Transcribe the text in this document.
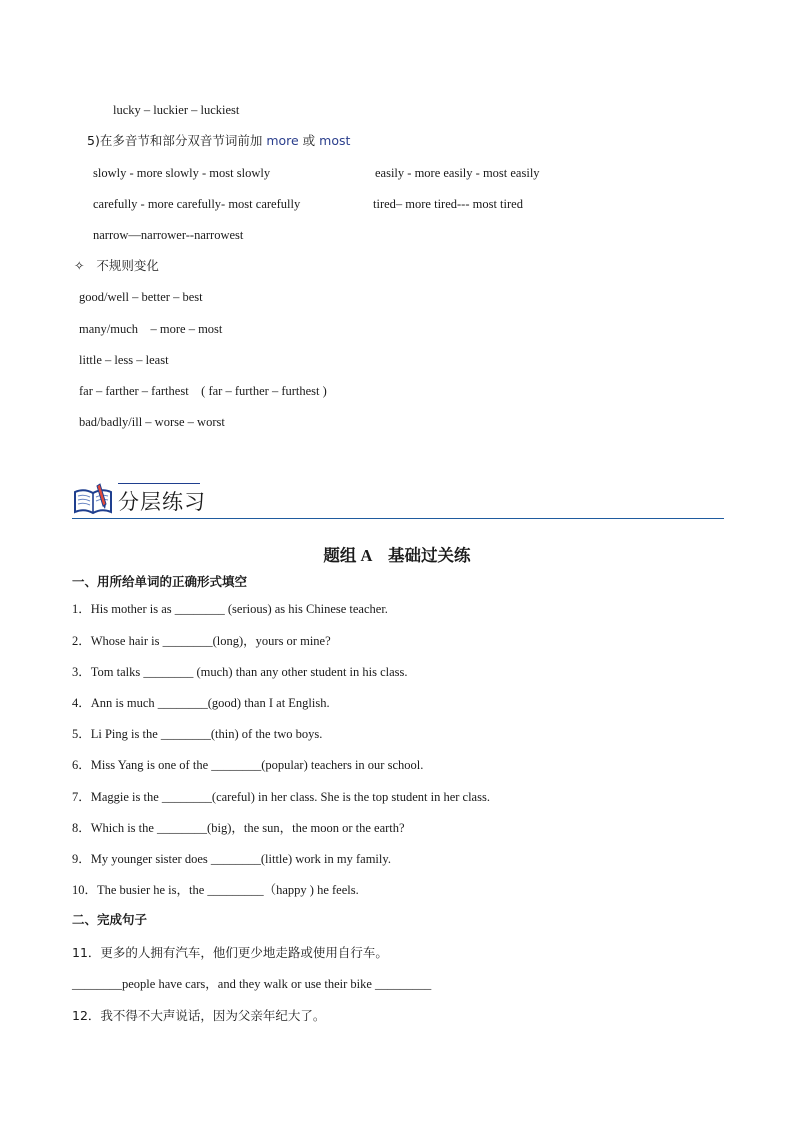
lucky – luckier – luckiest
5)在多音节和部分双音节词前加 more 或 most
slowly - more slowly - most slowly	easily - more easily - most easily
carefully - more carefully- most carefully	tired– more tired--- most tired
narrow—narrower--narrowest
✧ 不规则变化
good/well – better – best
many/much    – more – most
little – less – least
far – farther – farthest    ( far – further – furthest )
bad/badly/ill – worse – worst
分层练习
题组 A　基础过关练
一、用所给单词的正确形式填空
1．His mother is as ________ (serious) as his Chinese teacher.
2．Whose hair is ________(long)，yours or mine?
3．Tom talks ________ (much) than any other student in his class.
4．Ann is much ________(good) than I at English.
5．Li Ping is the ________(thin) of the two boys.
6．Miss Yang is one of the ________(popular) teachers in our school.
7．Maggie is the ________(careful) in her class. She is the top student in her class.
8．Which is the ________(big)，the sun，the moon or the earth?
9．My younger sister does ________(little) work in my family.
10．The busier he is，the _________（happy ) he feels.
二、完成句子
11．更多的人拥有汽车，他们更少地走路或使用自行车。
________people have cars，and they walk or use their bike _________
12．我不得不大声说话，因为父亲年纪大了。
